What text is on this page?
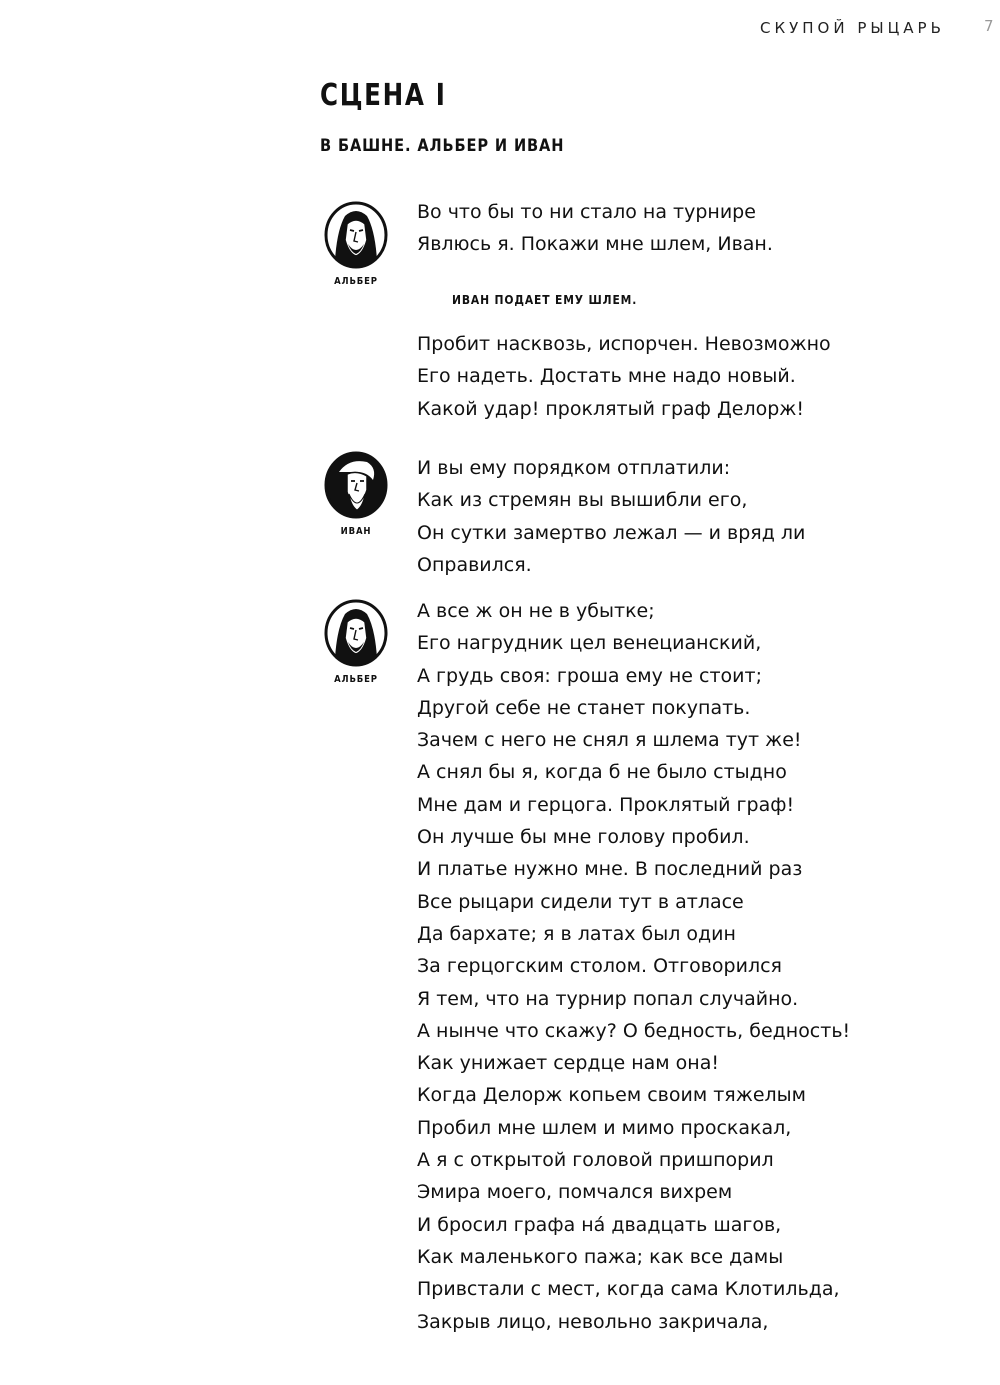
СКУПОЙ РЫЦАРЬ	7
СЦЕНА I
В БАШНЕ. АЛЬБЕР И ИВАН
АЛЬБЕР
Во что бы то ни стало на турнире
Явлюсь я. Покажи мне шлем, Иван.
ИВАН ПОДАЕТ ЕМУ ШЛЕМ.
Пробит насквозь, испорчен. Невозможно
Его надеть. Достать мне надо новый.
Какой удар! проклятый граф Делорж!
ИВАН
И вы ему порядком отплатили:
Как из стремян вы вышибли его,
Он сутки замертво лежал — и вряд ли
Оправился.
АЛЬБЕР
А все ж он не в убытке;
Его нагрудник цел венецианский,
А грудь своя: гроша ему не стоит;
Другой себе не станет покупать.
Зачем с него не снял я шлема тут же!
А снял бы я, когда б не было стыдно
Мне дам и герцога. Проклятый граф!
Он лучше бы мне голову пробил.
И платье нужно мне. В последний раз
Все рыцари сидели тут в атласе
Да бархате; я в латах был один
За герцогским столом. Отговорился
Я тем, что на турнир попал случайно.
А нынче что скажу? О бедность, бедность!
Как унижает сердце нам она!
Когда Делорж копьем своим тяжелым
Пробил мне шлем и мимо проскакал,
А я с открытой головой пришпорил
Эмира моего, помчался вихрем
И бросил графа на́ двадцать шагов,
Как маленького пажа; как все дамы
Привстали с мест, когда сама Клотильда,
Закрыв лицо, невольно закричала,
